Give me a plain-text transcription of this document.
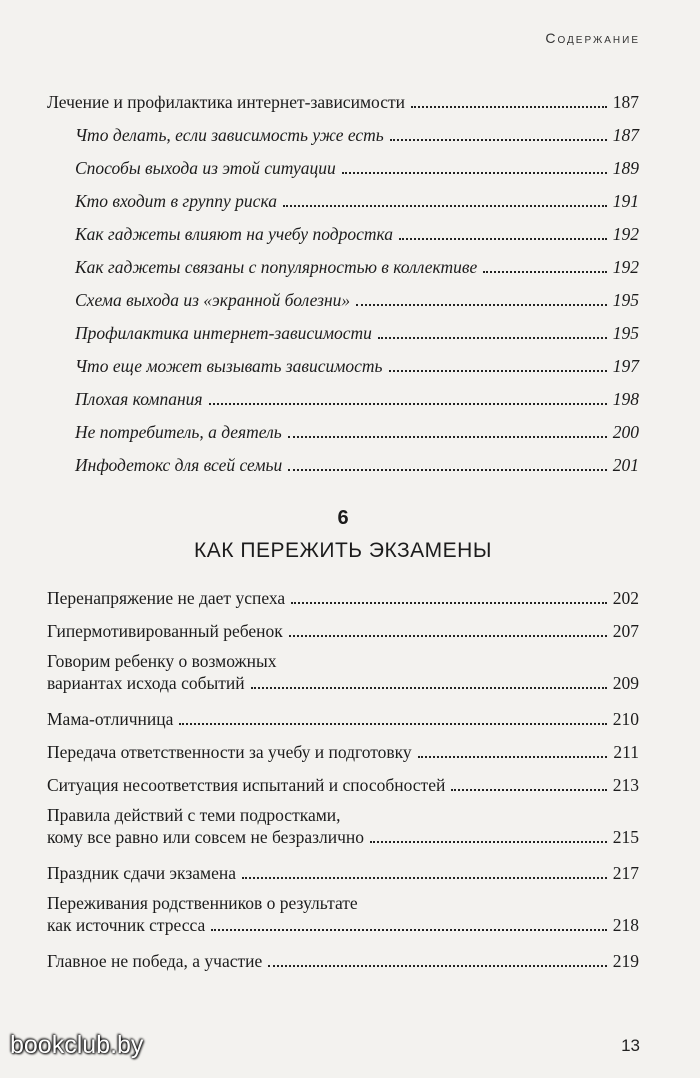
Содержание
Лечение и профилактика интернет-зависимости	187
Что делать, если зависимость уже есть	187
Способы выхода из этой ситуации	189
Кто входит в группу риска	191
Как гаджеты влияют на учебу подростка	192
Как гаджеты связаны с популярностью в коллективе	192
Схема выхода из «экранной болезни»	195
Профилактика интернет-зависимости	195
Что еще может вызывать зависимость	197
Плохая компания	198
Не потребитель, а деятель	200
Инфодетокс для всей семьи	201
6
КАК ПЕРЕЖИТЬ ЭКЗАМЕНЫ
Перенапряжение не дает успеха	202
Гипермотивированный ребенок	207
Говорим ребенку о возможных
вариантах исхода событий	209
Мама-отличница	210
Передача ответственности за учебу и подготовку	211
Ситуация несоответствия испытаний и способностей	213
Правила действий с теми подростками,
кому все равно или совсем не безразлично	215
Праздник сдачи экзамена	217
Переживания родственников о результате
как источник стресса	218
Главное не победа, а участие	219
bookclub.by	13
